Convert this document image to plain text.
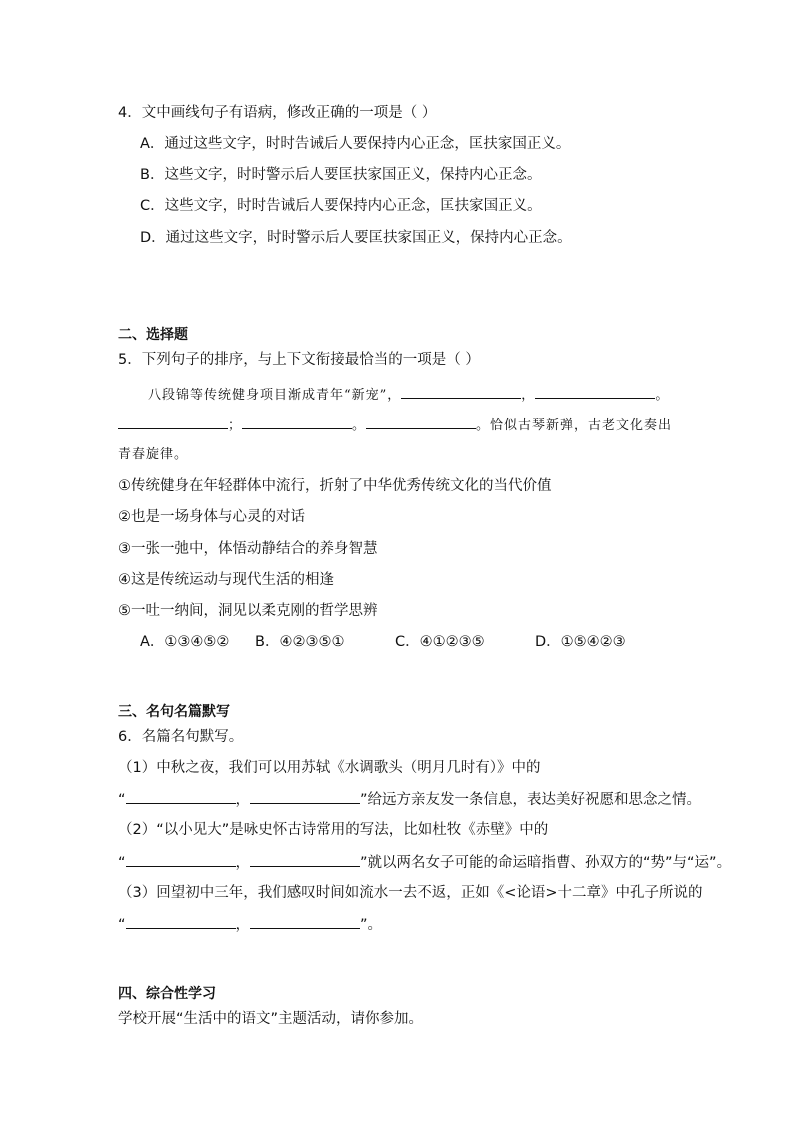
4．文中画线句子有语病，修改正确的一项是（ ）
A．通过这些文字，时时告诫后人要保持内心正念，匡扶家国正义。
B．这些文字，时时警示后人要匡扶家国正义，保持内心正念。
C．这些文字，时时告诫后人要保持内心正念，匡扶家国正义。
D．通过这些文字，时时警示后人要匡扶家国正义，保持内心正念。
二、选择题
5．下列句子的排序，与上下文衔接最恰当的一项是（ ）
八段锦等传统健身项目渐成青年“新宠”，	，	。
；	。	。恰似古琴新弹，古老文化奏出
青春旋律。
①传统健身在年轻群体中流行，折射了中华优秀传统文化的当代价值
②也是一场身体与心灵的对话
③一张一弛中，体悟动静结合的养身智慧
④这是传统运动与现代生活的相逢
⑤一吐一纳间，洞见以柔克刚的哲学思辨
A．①③④⑤② B．④②③⑤①	C．④①②③⑤	D．①⑤④②③
三、名句名篇默写
6．名篇名句默写。
（1）中秋之夜，我们可以用苏轼《水调歌头（明月几时有）》中的
“	，	”给远方亲友发一条信息，表达美好祝愿和思念之情。
（2）“以小见大”是咏史怀古诗常用的写法，比如杜牧《赤壁》中的
“	，	”就以两名女子可能的命运暗指曹、孙双方的“势”与“运”。
（3）回望初中三年，我们感叹时间如流水一去不返，正如《<论语>十二章》中孔子所说的
“	，	”。
四、综合性学习
学校开展“生活中的语文”主题活动，请你参加。
